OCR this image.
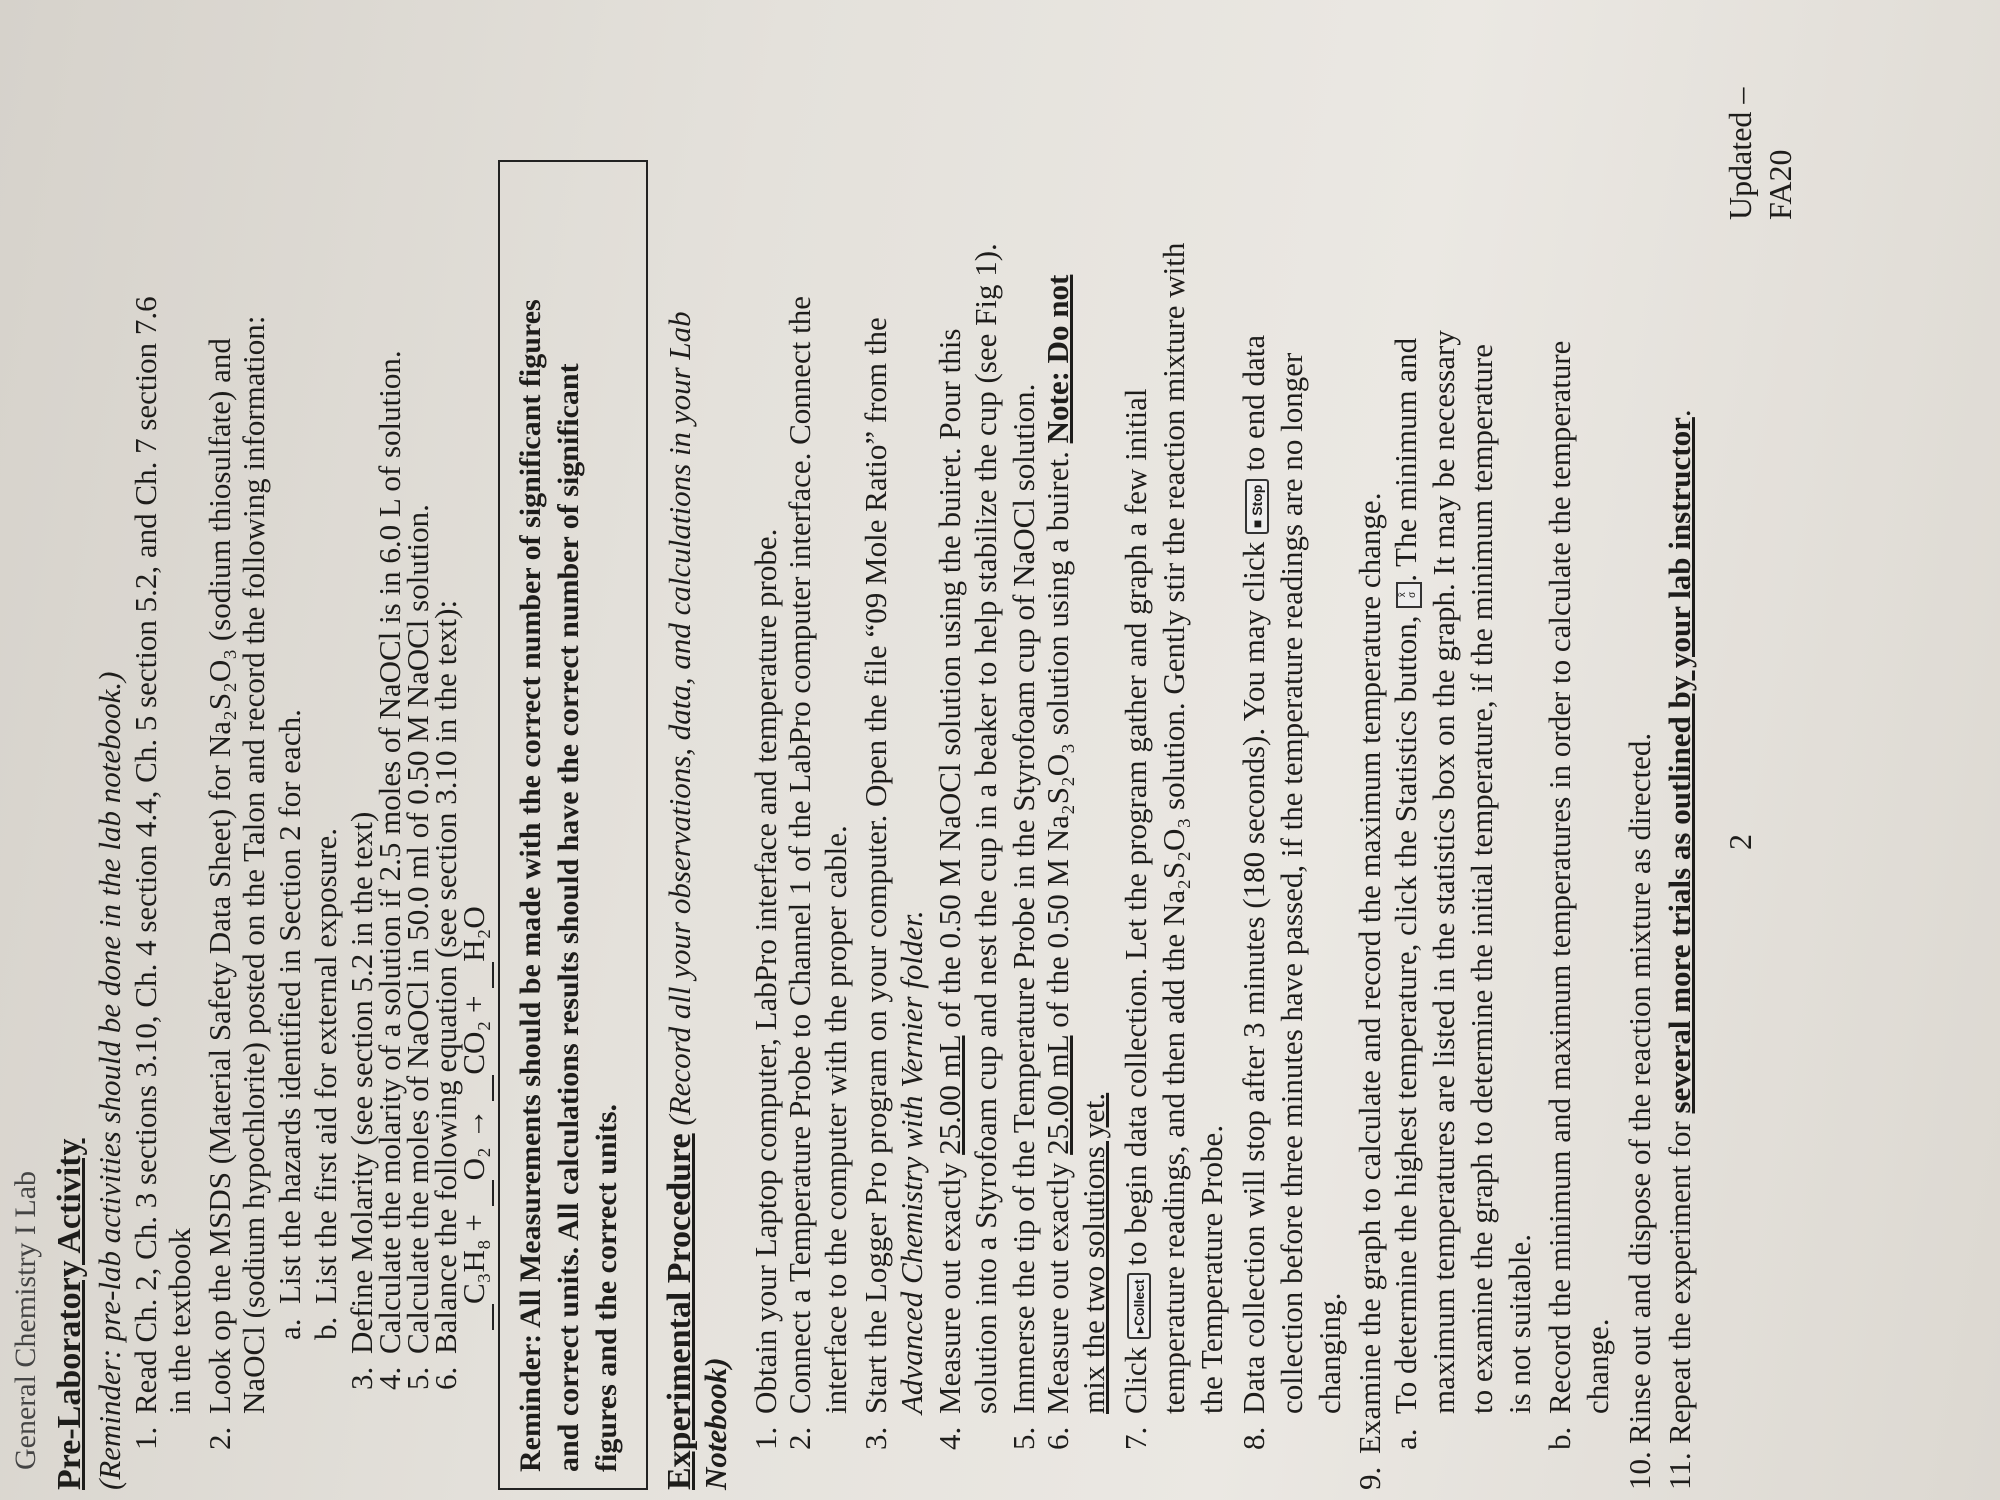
General Chemistry I Lab Pre-Laboratory Activity (Reminder: pre-lab activities should be done in the lab notebook.) 1.Read Ch. 2, Ch. 3 sections 3.10, Ch. 4 section 4.4, Ch. 5 section 5.2, and Ch. 7 section 7.6 in the textbook
2.Look op the MSDS (Material Safety Data Sheet) for Na₂S₂O₃ (sodium thiosulfate) and NaOCl (sodium hypochlorite) posted on the Talon and record the following information: a.List the hazards identified in Section 2 for each.
b.List the first aid for external exposure.
3.Define Molarity (see section 5.2 in the text)
4.Calculate the molarity of a solution if 2.5 moles of NaOCl is in 6.0 L of solution.
5.Calculate the moles of NaOCl in 50.0 ml of 0.50 M NaOCl solution.
6.Balance the following equation (see section 3.10 in the text): Reminder: All Measurements should be made with the correct number of significant figures and correct units. All calculations results should have the correct number of significant figures and the correct units.
C₃H₈ + O₂ → CO₂ + H₂O
Experimental Procedure (Record all your observations, data, and calculations in your Lab
Notebook) 1.Obtain your Laptop computer, LabPro interface and temperature probe.
2.Connect a Temperature Probe to Channel 1 of the LabPro computer interface. Connect the interface to the computer with the proper cable.
3.Start the Logger Pro program on your computer. Open the file “09 Mole Ratio” from the Advanced Chemistry with Vernier folder.
4.Measure out exactly 25.00 mL of the 0.50 M NaOCl solution using the buiret. Pour this solution into a Styrofoam cup and nest the cup in a beaker to help stabilize the cup (see Fig 1).
5.Immerse the tip of the Temperature Probe in the Styrofoam cup of NaOCl solution.
6.Measure out exactly 25.00 mL of the 0.50 M Na₂S₂O₃ solution using a buiret. Note: Do not
mix the two solutions yet.
7.Click ▸Collect to begin data collection. Let the program gather and graph a few initial temperature readings, and then add the Na₂S₂O₃ solution. Gently stir the reaction mixture with the Temperature Probe.
8.Data collection will stop after 3 minutes (180 seconds). You may click ■ Stop to end data collection before three minutes have passed, if the temperature readings are no longer changing.
9.Examine the graph to calculate and record the maximum temperature change. a.To determine the highest temperature, click the Statistics button, x̄
σ. The minimum and maximum temperatures are listed in the statistics box on the graph. It may be necessary to examine the graph to determine the initial temperature, if the minimum temperature is not suitable.
b.Record the minimum and maximum temperatures in order to calculate the temperature change.
10.Rinse out and dispose of the reaction mixture as directed.
11.Repeat the experiment for several more trials as outlined by your lab instructor.
2
Updated – FA20
